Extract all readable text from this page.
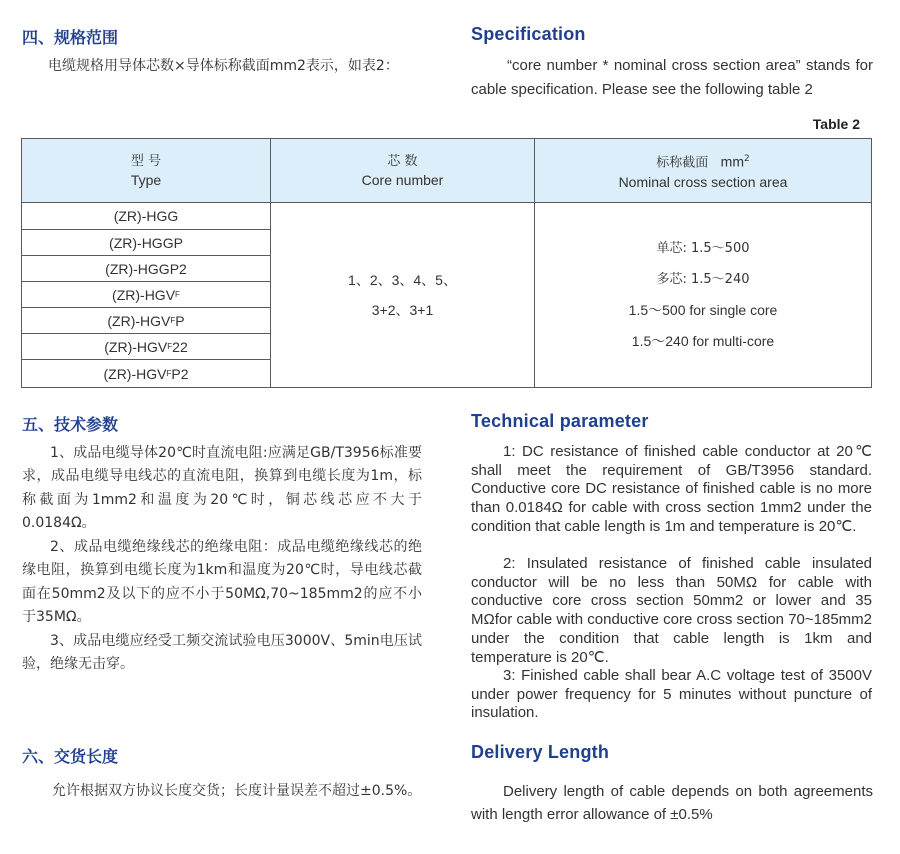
四、规格范围
电缆规格用导体芯数×导体标称截面mm2表示，如表2：
Specification
“core number * nominal cross section area” stands for cable specification. Please see the following table 2
Table 2
型 号
Type
芯 数
Core number
标称截面 $mm^2$
Nominal cross section area
(ZR)-HGG
(ZR)-HGGP
(ZR)-HGGP2
(ZR)-HGV F
(ZR)-HGV F P
(ZR)-HGV F 22
(ZR)-HGV F P2
1、2、3、4、5、
3+2、3+1
单芯: 1.5～500
多芯: 1.5～240
1.5～500 for single core
1.5～240 for multi-core
五、技术参数
1、成品电缆导体20℃时直流电阻:应满足GB/T3956标准要求，成品电缆导电线芯的直流电阻，换算到电缆长度为1m，标称截面为1mm2和温度为20℃时，铜芯线芯应不大于0.0184Ω。
2、成品电缆绝缘线芯的绝缘电阻：成品电缆绝缘线芯的绝缘电阻，换算到电缆长度为1km和温度为20℃时，导电线芯截面在50mm2及以下的应不小于50MΩ,70~185mm2的应不小于35MΩ。
3、成品电缆应经受工频交流试验电压3000V、5min电压试验，绝缘无击穿。
Technical parameter
1: DC resistance of finished cable conductor at 20℃ shall meet the requirement of GB/T3956 standard. Conductive core DC resistance of finished cable is no more than 0.0184Ω for cable with cross section 1mm2 under the condition that cable length is 1m and temperature is 20℃.
2: Insulated resistance of finished cable insulated conductor will be no less than 50MΩ for cable with conductive core cross section 50mm2 or lower and 35 MΩfor cable with conductive core cross section 70~185mm2 under the condition that cable length is 1km and temperature is 20℃.
3: Finished cable shall bear A.C voltage test of 3500V under power frequency for 5 minutes without puncture of insulation.
六、交货长度
允许根据双方协议长度交货；长度计量误差不超过±0.5%。
Delivery Length
Delivery length of cable depends on both agreements with length error allowance of ±0.5%
